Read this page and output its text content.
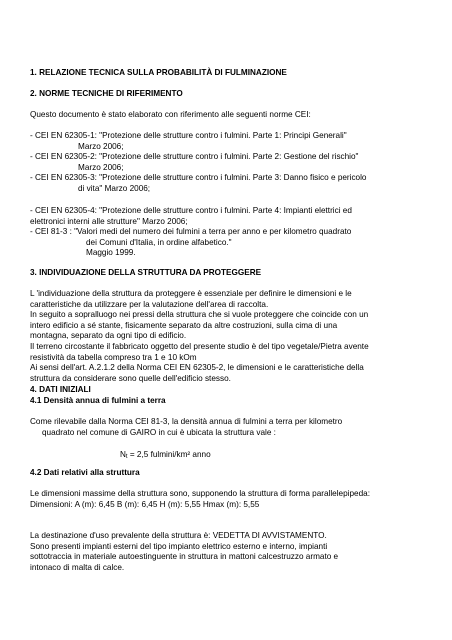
1. RELAZIONE TECNICA SULLA PROBABILITÀ DI FULMINAZIONE
2. NORME TECNICHE DI RIFERIMENTO
Questo documento è stato elaborato con riferimento alle seguenti norme CEI:
- CEI EN 62305-1: "Protezione delle strutture contro i fulmini. Parte 1: Principi Generali"
Marzo 2006;
- CEI EN 62305-2: "Protezione delle strutture contro i fulmini. Parte 2: Gestione del rischio"
Marzo 2006;
- CEI EN 62305-3: "Protezione delle strutture contro i fulmini. Parte 3: Danno fisico e pericolo
di vita" Marzo 2006;
- CEI EN 62305-4: "Protezione delle strutture contro i fulmini. Parte 4: Impianti elettrici ed
elettronici interni alle strutture" Marzo 2006;
- CEI 81-3 : "Valori medi del numero dei fulmini a terra per anno e per kilometro quadrato
dei Comuni d'Italia, in ordine alfabetico."
Maggio 1999.
3. INDIVIDUAZIONE DELLA STRUTTURA DA PROTEGGERE
L 'individuazione della struttura da proteggere è essenziale per definire le dimensioni e le
caratteristiche da utilizzare per la valutazione dell'area di raccolta.
In seguito a sopralluogo nei pressi della struttura che si vuole proteggere che coincide con un
intero edificio a sé stante, fisicamente separato da altre costruzioni, sulla cima di una
montagna, separato da ogni tipo di edificio.
Il terreno circostante il fabbricato oggetto del presente studio è del tipo vegetale/Pietra avente
resistività da tabella compreso tra 1 e 10 kOm
Ai sensi dell'art. A.2.1.2 della Norma CEI EN 62305-2, le dimensioni e le caratteristiche della
struttura da considerare sono quelle dell'edificio stesso.
4. DATI INIZIALI
4.1 Densità annua di fulmini a terra
Come rilevabile dalla Norma CEI 81-3, la densità annua di fulmini a terra per kilometro
quadrato nel comune di GAIRO in cui è ubicata la struttura vale :
$N_t = 2,5$ fulmini/km² anno
4.2 Dati relativi alla struttura
Le dimensioni massime della struttura sono, supponendo la struttura di forma parallelepipeda:
Dimensioni: A (m): 6,45 B (m): 6,45 H (m): 5,55 Hmax (m): 5,55
La destinazione d'uso prevalente della struttura è: VEDETTA DI AVVISTAMENTO.
Sono presenti impianti esterni del tipo impianto elettrico esterno e interno, impianti
sottotraccia in materiale autoestinguente in struttura in mattoni calcestruzzo armato e
intonaco di malta di calce.
